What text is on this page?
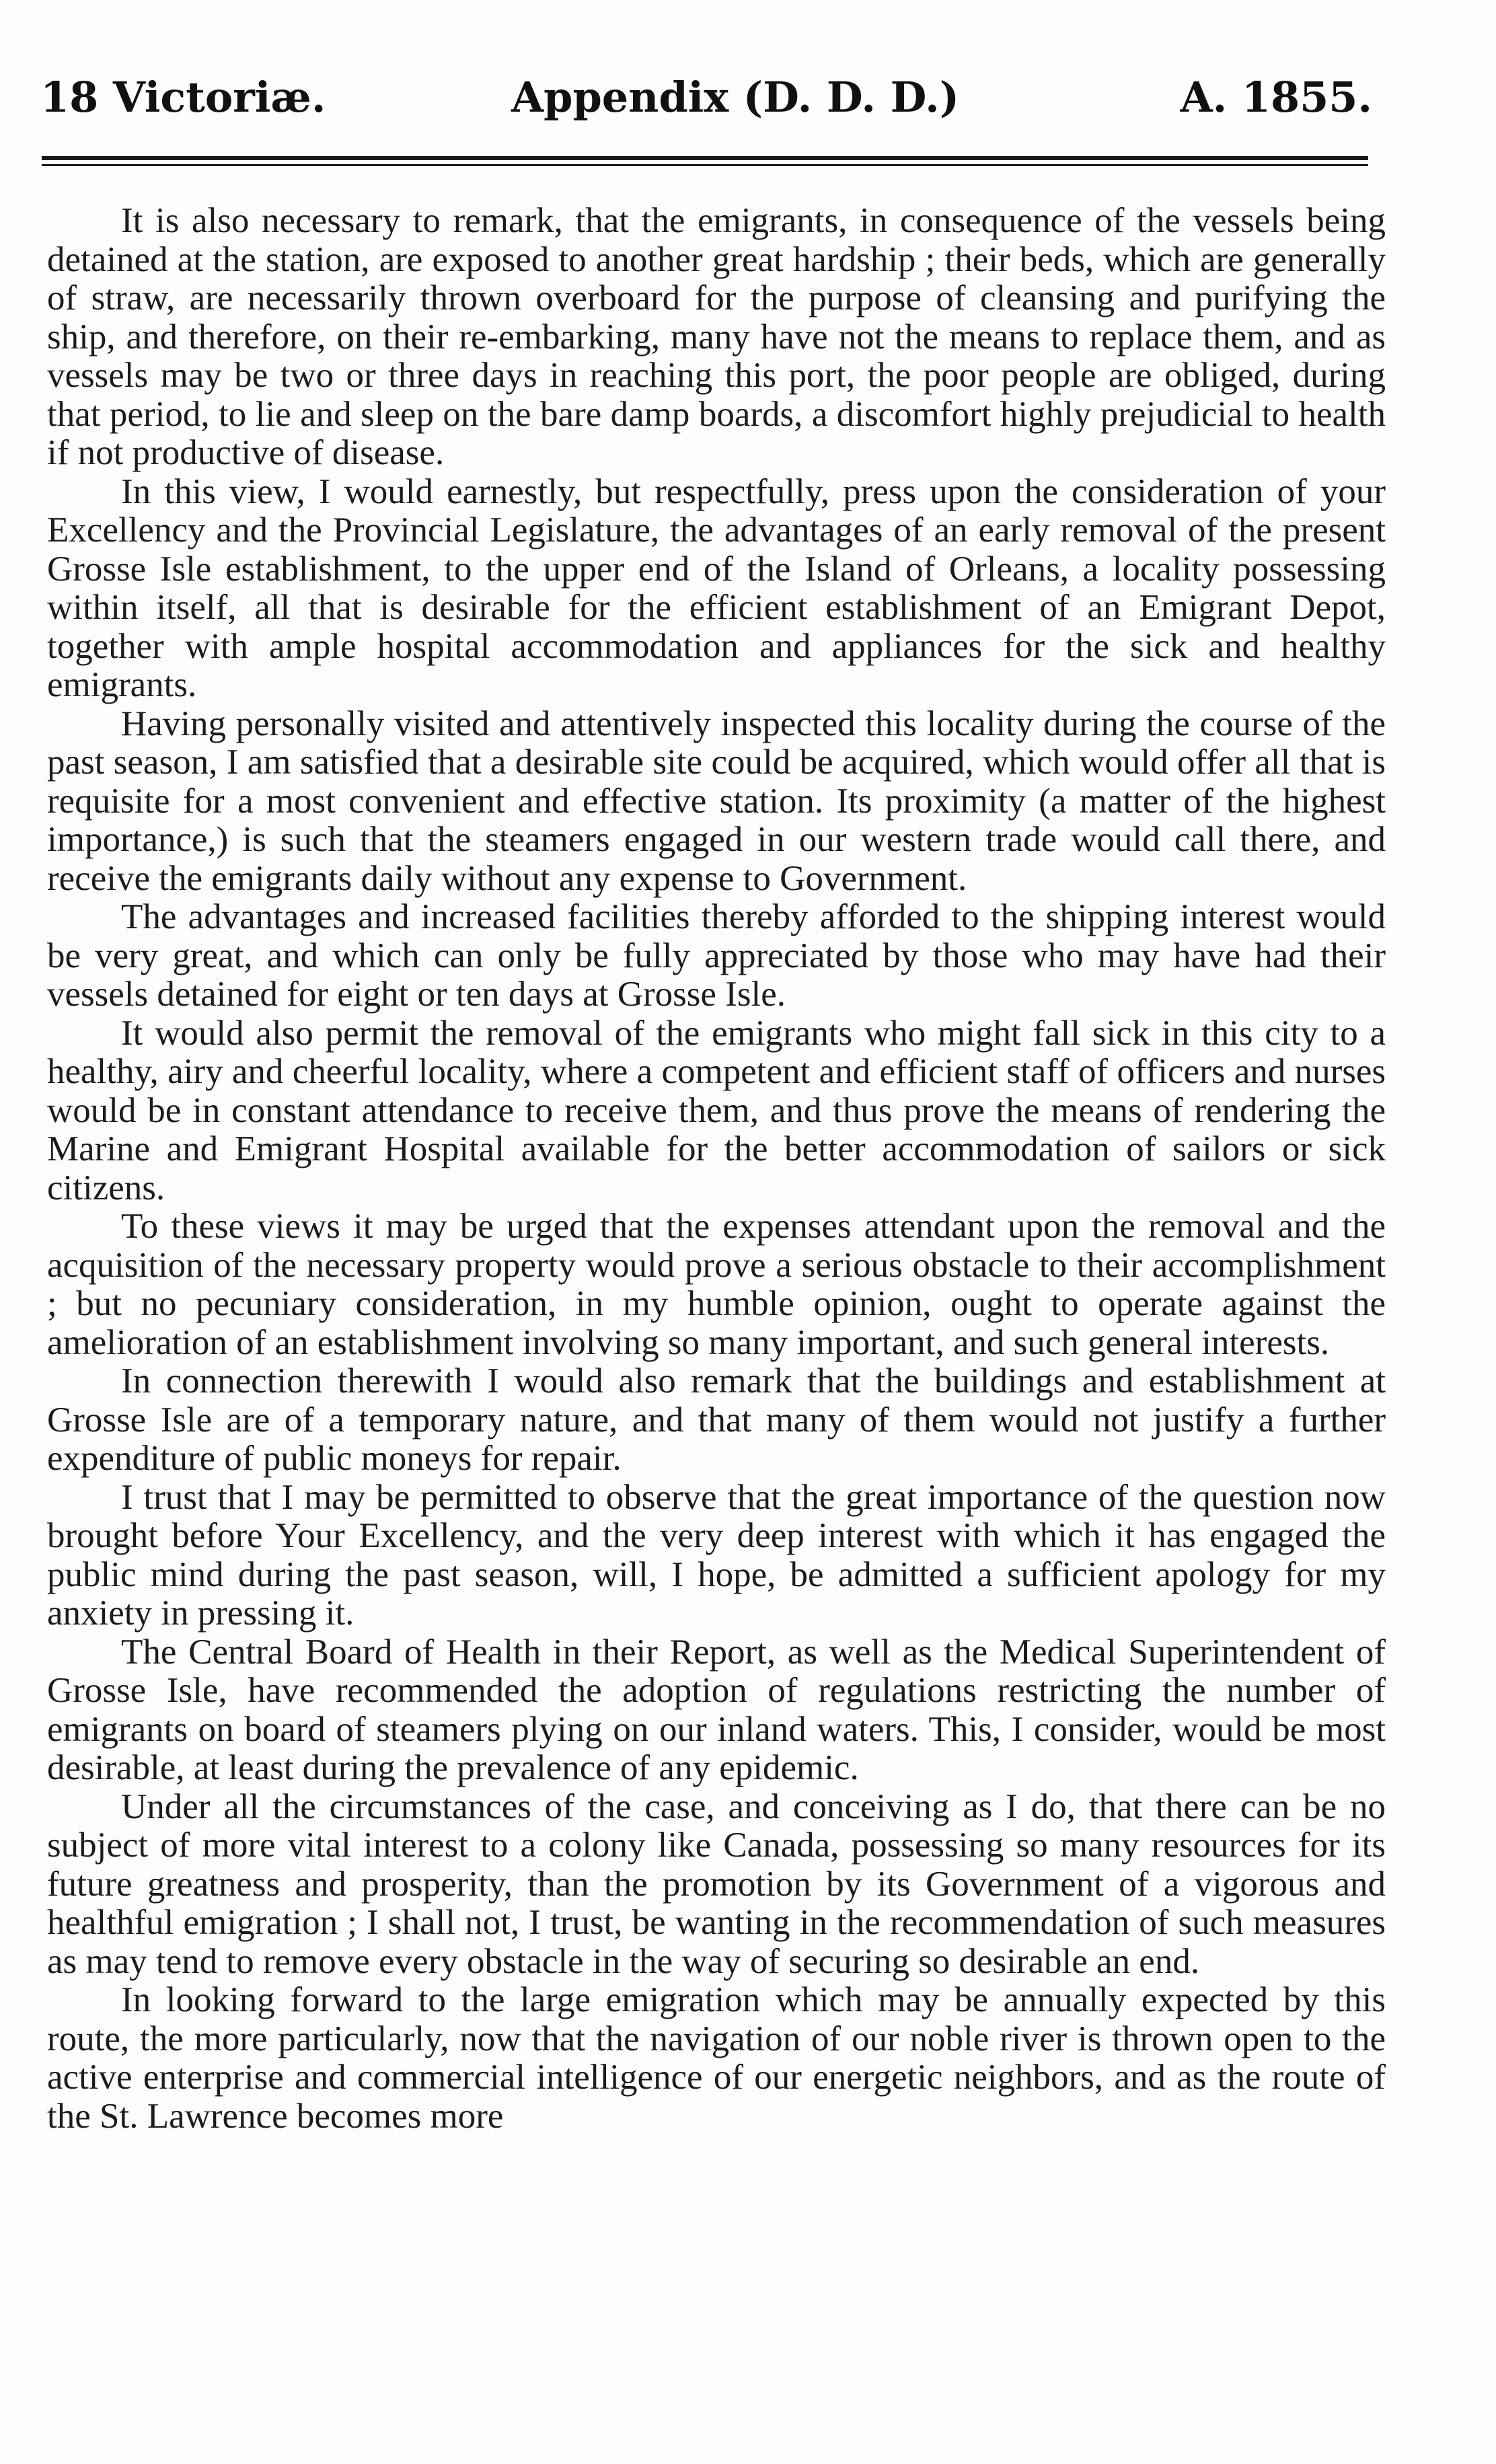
18 Victoriæ.	Appendix (D. D. D.)	A. 1855.

It is also necessary to remark, that the emigrants, in consequence of the vessels being detained at the station, are exposed to another great hardship ; their beds, which are generally of straw, are necessarily thrown overboard for the purpose of cleansing and purifying the ship, and therefore, on their re-embarking, many have not the means to replace them, and as vessels may be two or three days in reaching this port, the poor people are obliged, during that period, to lie and sleep on the bare damp boards, a discomfort highly prejudicial to health if not productive of disease.

In this view, I would earnestly, but respectfully, press upon the consideration of your Excellency and the Provincial Legislature, the advantages of an early removal of the present Grosse Isle establishment, to the upper end of the Island of Orleans, a locality possessing within itself, all that is desirable for the efficient establishment of an Emigrant Depot, together with ample hospital accommodation and appliances for the sick and healthy emigrants.

Having personally visited and attentively inspected this locality during the course of the past season, I am satisfied that a desirable site could be acquired, which would offer all that is requisite for a most convenient and effective station. Its proximity (a matter of the highest importance,) is such that the steamers engaged in our western trade would call there, and receive the emigrants daily without any expense to Government.

The advantages and increased facilities thereby afforded to the shipping interest would be very great, and which can only be fully appreciated by those who may have had their vessels detained for eight or ten days at Grosse Isle.

It would also permit the removal of the emigrants who might fall sick in this city to a healthy, airy and cheerful locality, where a competent and efficient staff of officers and nurses would be in constant attendance to receive them, and thus prove the means of rendering the Marine and Emigrant Hospital available for the better accommodation of sailors or sick citizens.

To these views it may be urged that the expenses attendant upon the removal and the acquisition of the necessary property would prove a serious obstacle to their accomplishment ; but no pecuniary consideration, in my humble opinion, ought to operate against the amelioration of an establishment involving so many important, and such general interests.

In connection therewith I would also remark that the buildings and establishment at Grosse Isle are of a temporary nature, and that many of them would not justify a further expenditure of public moneys for repair.

I trust that I may be permitted to observe that the great importance of the question now brought before Your Excellency, and the very deep interest with which it has engaged the public mind during the past season, will, I hope, be admitted a sufficient apology for my anxiety in pressing it.

The Central Board of Health in their Report, as well as the Medical Superintendent of Grosse Isle, have recommended the adoption of regulations restricting the number of emigrants on board of steamers plying on our inland waters. This, I consider, would be most desirable, at least during the prevalence of any epidemic.

Under all the circumstances of the case, and conceiving as I do, that there can be no subject of more vital interest to a colony like Canada, possessing so many resources for its future greatness and prosperity, than the promotion by its Government of a vigorous and healthful emigration ; I shall not, I trust, be wanting in the recommendation of such measures as may tend to remove every obstacle in the way of securing so desirable an end.

In looking forward to the large emigration which may be annually expected by this route, the more particularly, now that the navigation of our noble river is thrown open to the active enterprise and commercial intelligence of our energetic neighbors, and as the route of the St. Lawrence becomes more
